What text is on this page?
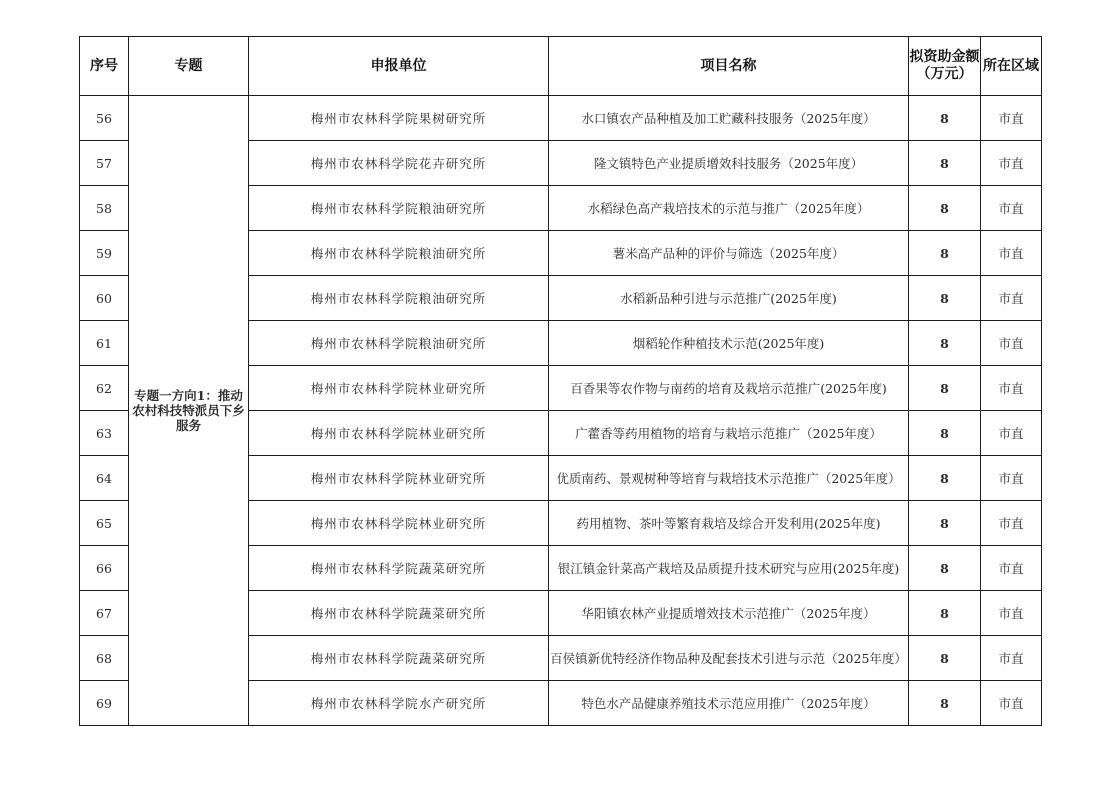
序号	专题	申报单位	项目名称	拟资助金额（万元）	所在区域
56	专题一方向1：推动农村科技特派员下乡服务	梅州市农林科学院果树研究所	水口镇农产品种植及加工贮藏科技服务（2025年度）	8	市直
57		梅州市农林科学院花卉研究所	隆文镇特色产业提质增效科技服务（2025年度）	8	市直
58		梅州市农林科学院粮油研究所	水稻绿色高产栽培技术的示范与推广（2025年度）	8	市直
59		梅州市农林科学院粮油研究所	薯米高产品种的评价与筛选（2025年度）	8	市直
60		梅州市农林科学院粮油研究所	水稻新品种引进与示范推广(2025年度)	8	市直
61		梅州市农林科学院粮油研究所	烟稻轮作种植技术示范(2025年度)	8	市直
62		梅州市农林科学院林业研究所	百香果等农作物与南药的培育及栽培示范推广(2025年度)	8	市直
63		梅州市农林科学院林业研究所	广藿香等药用植物的培育与栽培示范推广（2025年度）	8	市直
64		梅州市农林科学院林业研究所	优质南药、景观树种等培育与栽培技术示范推广（2025年度）	8	市直
65		梅州市农林科学院林业研究所	药用植物、茶叶等繁育栽培及综合开发利用(2025年度)	8	市直
66		梅州市农林科学院蔬菜研究所	银江镇金针菜高产栽培及品质提升技术研究与应用(2025年度)	8	市直
67		梅州市农林科学院蔬菜研究所	华阳镇农林产业提质增效技术示范推广（2025年度）	8	市直
68		梅州市农林科学院蔬菜研究所	百侯镇新优特经济作物品种及配套技术引进与示范（2025年度）	8	市直
69		梅州市农林科学院水产研究所	特色水产品健康养殖技术示范应用推广（2025年度）	8	市直
